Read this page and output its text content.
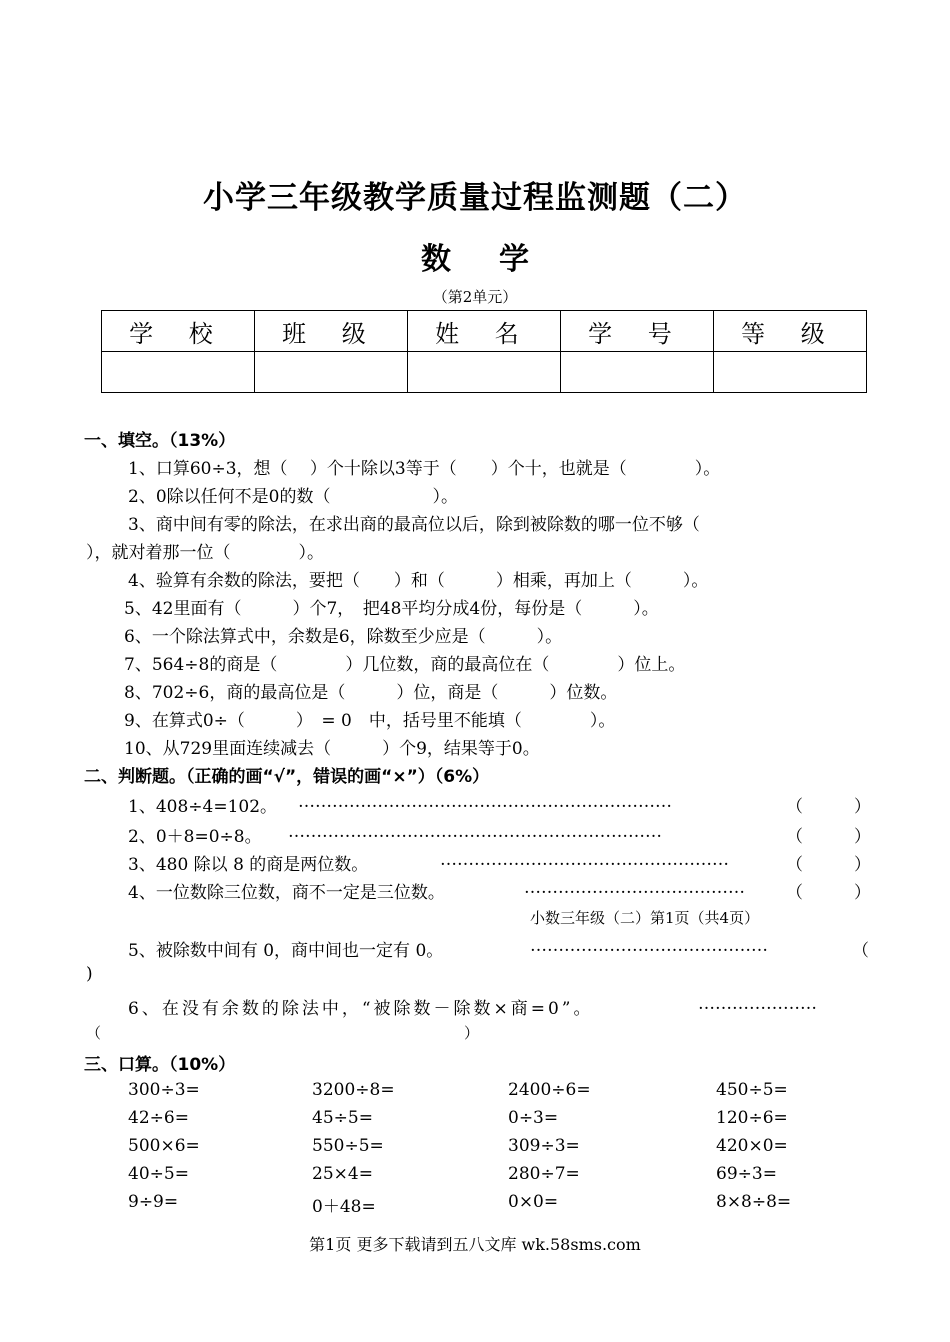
小学三年级教学质量过程监测题（二）
数学
（第2单元）
学 校	班 级	姓 名	学 号	等 级

一、填空。（13%）
1、口算60÷3，想（　 ）个十除以3等于（　　）个十，也就是（　　　　）。
2、0除以任何不是0的数（　　　　　　）。
3、商中间有零的除法，在求出商的最高位以后，除到被除数的哪一位不够（
），就对着那一位（　　　　）。
4、验算有余数的除法，要把（　　）和（　　　）相乘，再加上（　　　）。
5、42里面有（　　　）个7，　把48平均分成4份，每份是（　　　）。
6、一个除法算式中，余数是6，除数至少应是（　　　）。
7、564÷8的商是（　　　　）几位数，商的最高位在（　　　　）位上。
8、702÷6，商的最高位是（　　　）位，商是（　　　）位数。
9、在算式0÷（　　　）　= 0　中，括号里不能填（　　　　）。
10、从729里面连续减去（　　　）个9，结果等于0。
二、判断题。（正确的画“√”，错误的画“×”）（6%）
1、408÷4=102。 …………………………………………………………	（　　　）
2、0＋8=0÷8。 …………………………………………………………	（　　　）
3、480 除以 8 的商是两位数。	……………………………………………	（　　　）
4、一位数除三位数，商不一定是三位数。	………………………………… （　　　）
小数三年级（二）第1页（共4页）
5、被除数中间有 0，商中间也一定有 0。	……………………………………	（
)
6、在没有余数的除法中，“被除数－除数×商=0”。	…………………
（　　　　　　　　　　　　　　　　　　　　　　　　　　　　　　　　　　　　　　　　　）
三、口算。（10%）
300÷3=	3200÷8=	2400÷6=	450÷5=
42÷6=	45÷5=	0÷3=	120÷6=
500×6=	550÷5=	309÷3=	420×0=
40÷5=	25×4=	280÷7=	69÷3=
9÷9=	0＋48=	0×0=	8×8÷8=
第1页 更多下载请到五八文库 wk.58sms.com
